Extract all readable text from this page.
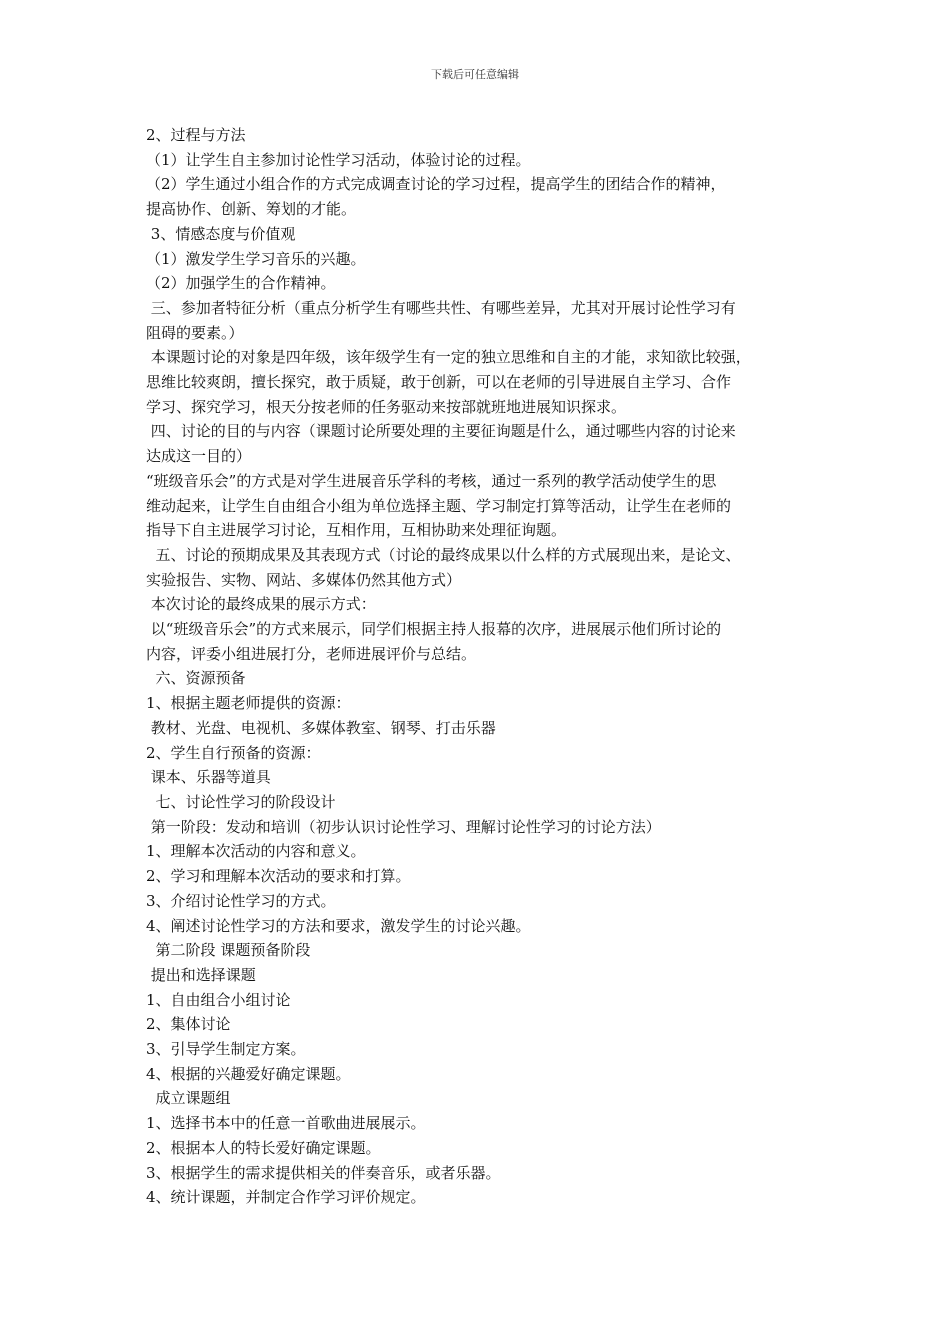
下载后可任意编辑

2、过程与方法

（1）让学生自主参加讨论性学习活动，体验讨论的过程。

（2）学生通过小组合作的方式完成调查讨论的学习过程，提高学生的团结合作的精神，

提高协作、创新、筹划的才能。

3、情感态度与价值观

（1）激发学生学习音乐的兴趣。

（2）加强学生的合作精神。

三、参加者特征分析（重点分析学生有哪些共性、有哪些差异，尤其对开展讨论性学习有

阻碍的要素。）

本课题讨论的对象是四年级，该年级学生有一定的独立思维和自主的才能，求知欲比较强，

思维比较爽朗，擅长探究，敢于质疑，敢于创新，可以在老师的引导进展自主学习、合作

学习、探究学习，根天分按老师的任务驱动来按部就班地进展知识探求。

四、讨论的目的与内容（课题讨论所要处理的主要征询题是什么，通过哪些内容的讨论来

达成这一目的）

“班级音乐会”的方式是对学生进展音乐学科的考核，通过一系列的教学活动使学生的思

维动起来，让学生自由组合小组为单位选择主题、学习制定打算等活动，让学生在老师的

指导下自主进展学习讨论，互相作用，互相协助来处理征询题。

五、讨论的预期成果及其表现方式（讨论的最终成果以什么样的方式展现出来，是论文、

实验报告、实物、网站、多媒体仍然其他方式）

本次讨论的最终成果的展示方式：

以“班级音乐会”的方式来展示，同学们根据主持人报幕的次序，进展展示他们所讨论的

内容，评委小组进展打分，老师进展评价与总结。

六、资源预备

1、根据主题老师提供的资源：

教材、光盘、电视机、多媒体教室、钢琴、打击乐器

2、学生自行预备的资源：

课本、乐器等道具

七、讨论性学习的阶段设计

第一阶段：发动和培训（初步认识讨论性学习、理解讨论性学习的讨论方法）

1、理解本次活动的内容和意义。

2、学习和理解本次活动的要求和打算。

3、介绍讨论性学习的方式。

4、阐述讨论性学习的方法和要求，激发学生的讨论兴趣。

第二阶段 课题预备阶段

提出和选择课题

1、自由组合小组讨论

2、集体讨论

3、引导学生制定方案。

4、根据的兴趣爱好确定课题。

成立课题组

1、选择书本中的任意一首歌曲进展展示。

2、根据本人的特长爱好确定课题。

3、根据学生的需求提供相关的伴奏音乐，或者乐器。

4、统计课题，并制定合作学习评价规定。
